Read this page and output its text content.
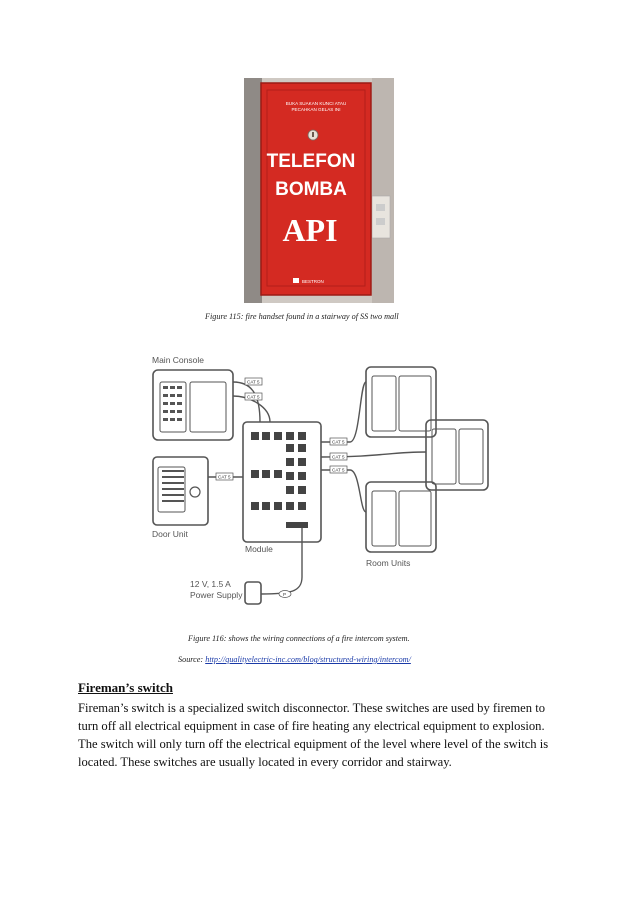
BUKA SUAKAN KUNCI ATAU
PECAHKAN GELAS INI
TELEFON
BOMBA
API
BESTRON
Figure 115: fire handset found in a stairway of SS two mall
CAT 5
CAT 5
CAT 5
CAT 5
CAT 5
CAT 5
P
Main Console
Door Unit
Module
Room Units
12 V, 1.5 A
Power Supply
Figure 116: shows the wiring connections of a fire intercom system.
Source: http://qualityelectric-inc.com/blog/structured-wiring/intercom/
Fireman’s switch
Fireman’s switch is a specialized switch disconnector. These switches are used by firemen to
turn off all electrical equipment in case of fire heating any electrical equipment to explosion.
The switch will only turn off the electrical equipment of the level where level of the switch is
located. These switches are usually located in every corridor and stairway.
